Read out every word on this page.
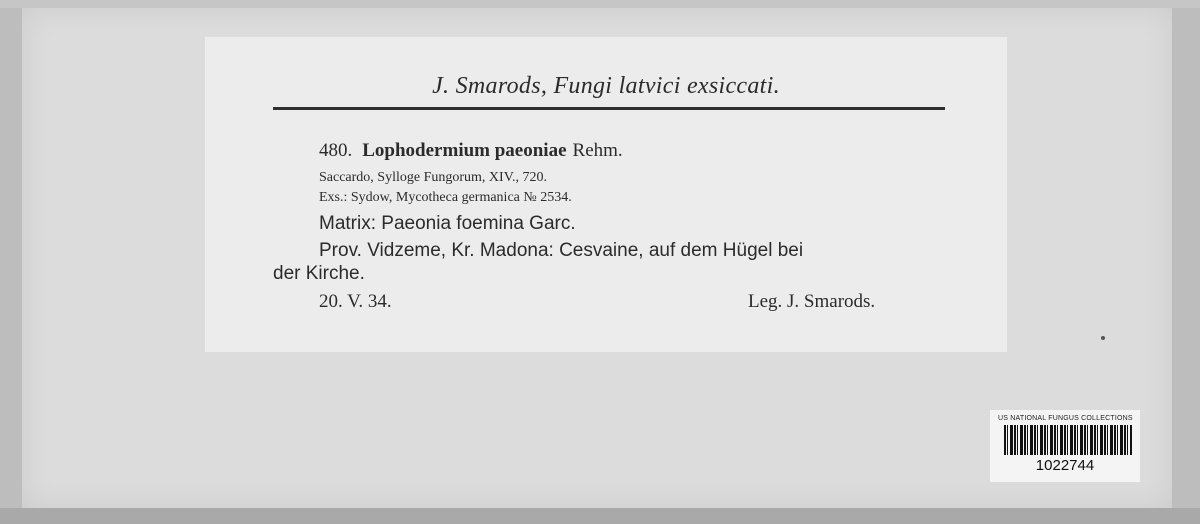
J. Smarods, Fungi latvici exsiccati.
480. Lophodermium paeoniae Rehm.
Saccardo, Sylloge Fungorum, XIV., 720.
Exs.: Sydow, Mycotheca germanica № 2534.
Matrix: Paeonia foemina Garc.
Prov. Vidzeme, Kr. Madona: Cesvaine, auf dem Hügel bei
der Kirche.
20. V. 34.	Leg. J. Smarods.
US NATIONAL FUNGUS COLLECTIONS
1022744
